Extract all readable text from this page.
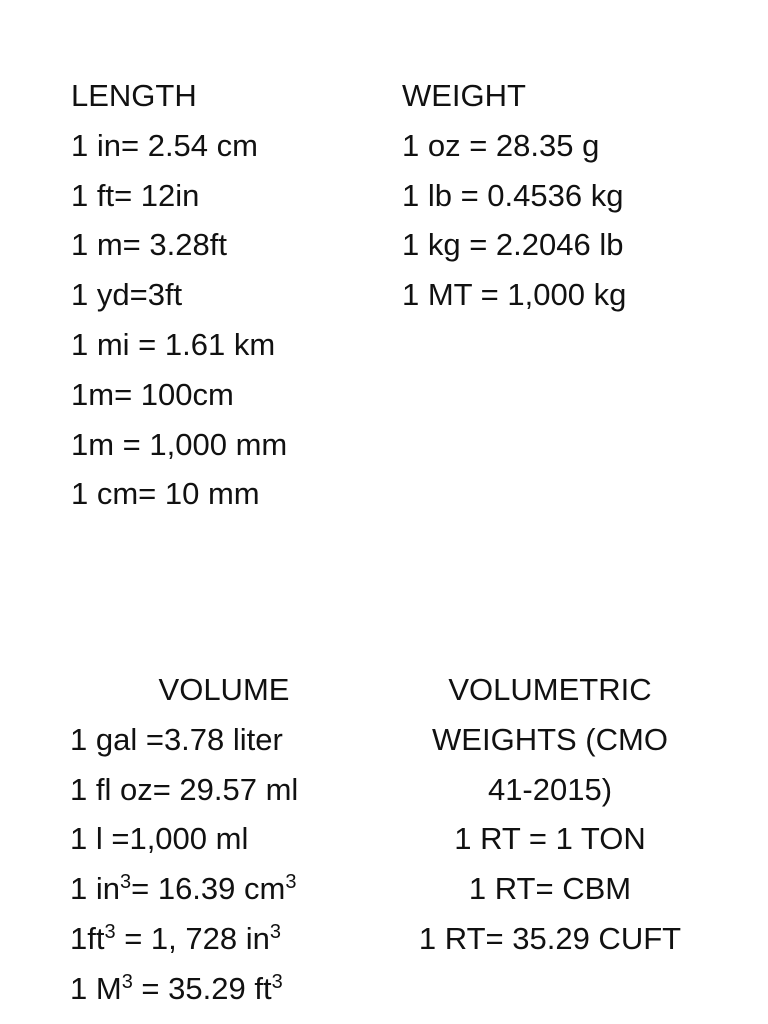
LENGTH
1 in= 2.54 cm
1 ft= 12in
1 m= 3.28ft
1 yd=3ft
1 mi = 1.61 km
1m= 100cm
1m = 1,000 mm
1 cm= 10 mm
WEIGHT
1 oz = 28.35 g
1 lb = 0.4536 kg
1 kg = 2.2046 lb
1 MT = 1,000 kg
VOLUME
1 gal =3.78 liter
1 fl oz= 29.57 ml
1 l =1,000 ml
1 $in^3= 16.39$ $cm^3$
$1ft^3 = 1$, 728 $in^3$
1 $M^3 = 35.29$ $ft^3$
VOLUMETRIC
WEIGHTS (CMO
41-2015)
1 RT = 1 TON
1 RT= CBM
1 RT= 35.29 CUFT
